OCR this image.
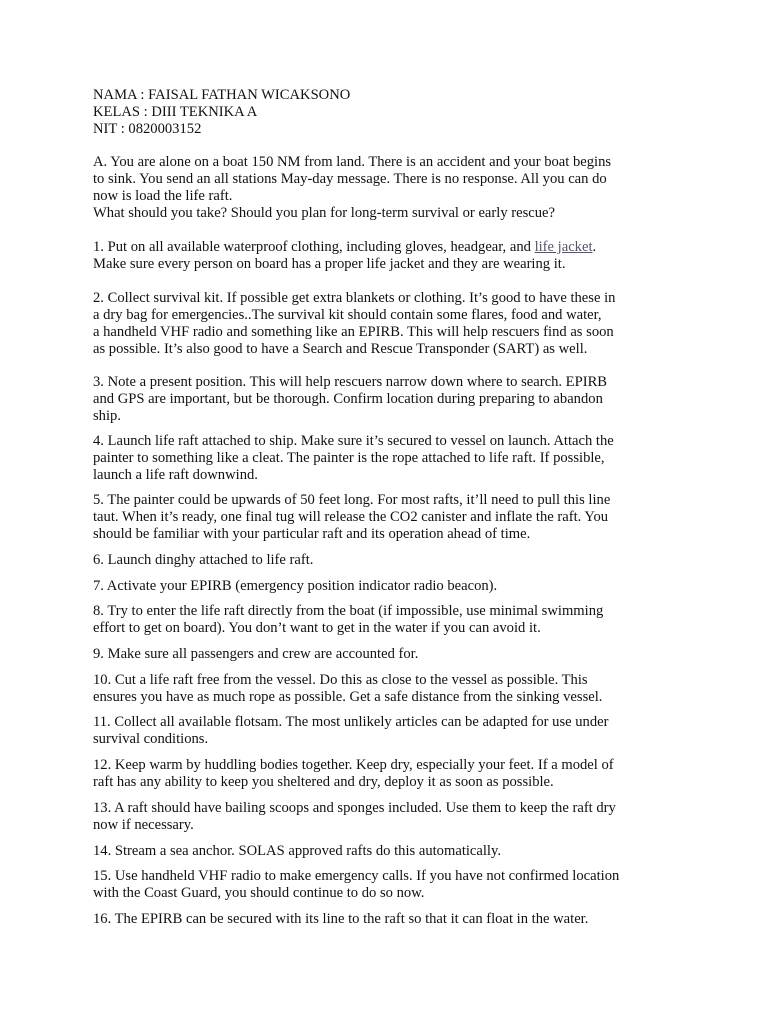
NAMA : FAISAL FATHAN WICAKSONO
KELAS : DIII TEKNIKA A
NIT : 0820003152

A. You are alone on a boat 150 NM from land. There is an accident and your boat begins
to sink. You send an all stations May-day message. There is no response. All you can do
now is load the life raft.
What should you take? Should you plan for long-term survival or early rescue?

1. Put on all available waterproof clothing, including gloves, headgear, and life jacket.
Make sure every person on board has a proper life jacket and they are wearing it.

2. Collect survival kit. If possible get extra blankets or clothing. It’s good to have these in
a dry bag for emergencies..The survival kit should contain some flares, food and water,
a handheld VHF radio and something like an EPIRB. This will help rescuers find as soon
as possible. It’s also good to have a Search and Rescue Transponder (SART) as well.

3. Note a present position. This will help rescuers narrow down where to search. EPIRB
and GPS are important, but be thorough. Confirm location during preparing to abandon
ship.

4. Launch life raft attached to ship. Make sure it’s secured to vessel on launch. Attach the
painter to something like a cleat. The painter is the rope attached to life raft. If possible,
launch a life raft downwind.

5. The painter could be upwards of 50 feet long. For most rafts, it’ll need to pull this line
taut. When it’s ready, one final tug will release the CO2 canister and inflate the raft. You
should be familiar with your particular raft and its operation ahead of time.

6. Launch dinghy attached to life raft.

7. Activate your EPIRB (emergency position indicator radio beacon).

8. Try to enter the life raft directly from the boat (if impossible, use minimal swimming
effort to get on board). You don’t want to get in the water if you can avoid it.

9. Make sure all passengers and crew are accounted for.

10. Cut a life raft free from the vessel. Do this as close to the vessel as possible. This
ensures you have as much rope as possible. Get a safe distance from the sinking vessel.

11. Collect all available flotsam. The most unlikely articles can be adapted for use under
survival conditions.

12. Keep warm by huddling bodies together. Keep dry, especially your feet. If a model of
raft has any ability to keep you sheltered and dry, deploy it as soon as possible.

13. A raft should have bailing scoops and sponges included. Use them to keep the raft dry
now if necessary.

14. Stream a sea anchor. SOLAS approved rafts do this automatically.

15. Use handheld VHF radio to make emergency calls. If you have not confirmed location
with the Coast Guard, you should continue to do so now.

16. The EPIRB can be secured with its line to the raft so that it can float in the water.
